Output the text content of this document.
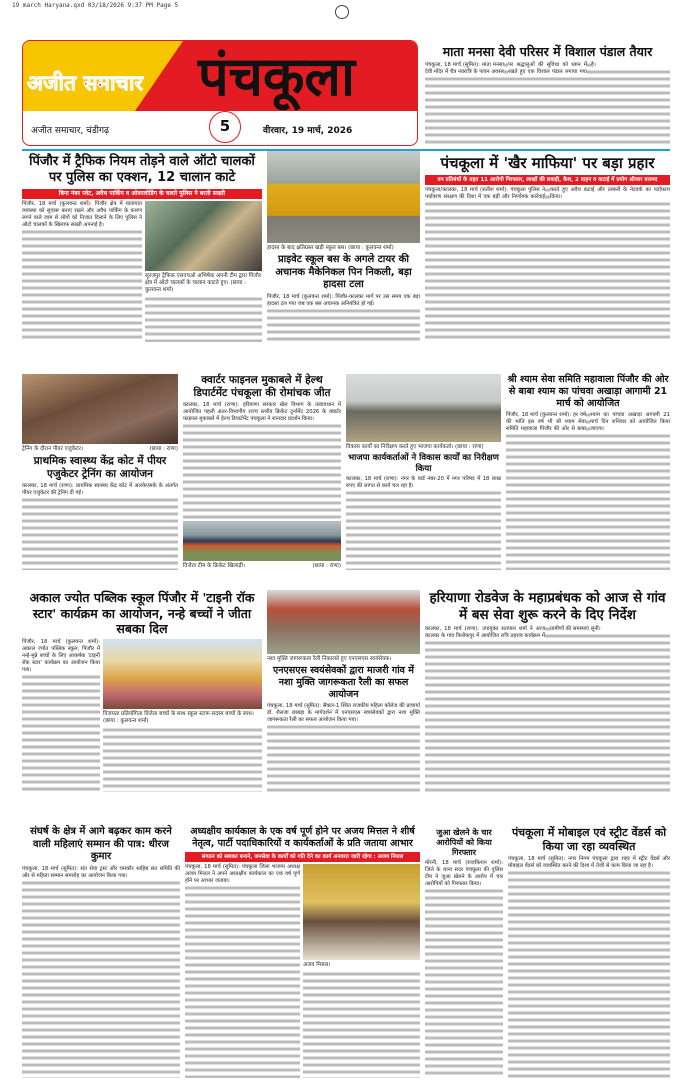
19 march Haryana.qxd 03/18/2026 9:37 PM Page 5
अजीत समाचार पंचकूला
अजीत समाचार, चंडीगढ़	5	वीरवार, 19 मार्च, 2026
माता मनसा देवी परिसर में विशाल पंडाल तैयार
पंचकूला, 18 मार्च (सुमित): माता मनसा देवी मंदिर में चैत्र नवरात्रि के पावन अवसर पर श्रद्धालुओं की सुविधा को ध्यान में रखते हुए एक विशाल पंडाल लगाया गया है।
पिंजौर में ट्रैफिक नियम तोड़ने वाले ऑटो चालकों पर पुलिस का एक्शन, 12 चालान काटे
बिना नंबर प्लेट, अवैध पार्किंग व ओवरलोडिंग के चलते पुलिस ने बरती सख्ती
पिंजौर, 18 मार्च (कुलवन्त शर्मा): पिंजौर क्षेत्र में यातायात व्यवस्था को सुचारू बनाए रखने और अवैध पार्किंग के कारण लगने वाले जाम से लोगों को निजात दिलाने के लिए पुलिस ने ऑटो चालकों के खिलाफ सख्ती अपनाई है।
सूरजपुर ट्रैफिक एसएचओ अभिषेक अपनी टीम द्वारा पिंजौर क्षेत्र में ऑटो चालकों के चालान काटते हुए। (छाया : कुलवन्त शर्मा)
हादसा के बाद क्षतिग्रस्त खड़ी स्कूल बस। (छाया : कुलवन्त शर्मा)
प्राइवेट स्कूल बस के अगले टायर की अचानक मैकेनिकल पिन निकली, बड़ा हादसा टला
पिंजौर, 18 मार्च (कुलवन्त शर्मा): पिंजौर-कालका मार्ग पर उस समय एक बड़ा हादसा टल गया जब एक बस अचानक अनियंत्रित हो गई।
पंचकूला में 'खैर माफिया' पर बड़ा प्रहार
वन प्रतिबंधों के तहत 11 आरोपी गिरफ्तार, लाखों की लकड़ी, कैश, 2 वाहन व कटाई में प्रयोग औजार बरामद
पंचकूला/कालका, 18 मार्च (सतीश शर्मा): पंचकूला पुलिस ने पर्यावरण संरक्षण की दिशा में एक बड़ी और निर्णायक कार्रवाई करते हुए अवैध कटाई और तस्करी के नेटवर्क का पर्दाफाश किया।
ट्रेनिंग के दौरान पीयर एजुकेटर।	(छाया : राणा)
प्राथमिक स्वास्थ्य केंद्र कोट में पीयर एजुकेटर ट्रेनिंग का आयोजन
कालका, 18 मार्च (राणा): प्राथमिक स्वास्थ्य केंद्र कोट में आरकेएसके के अंतर्गत पीयर एजुकेटर की ट्रेनिंग दी गई।
क्वार्टर फाइनल मुकाबले में हेल्थ डिपार्टमेंट पंचकूला की रोमांचक जीत
कालका, 18 मार्च (राणा): हरियाणा सरकार खेल विभाग के तत्वावधान में आयोजित पहली अंतर-विभागीय राज्य स्तरीय क्रिकेट टूर्नामेंट 2026 के क्वार्टर फाइनल मुकाबले में हेल्थ डिपार्टमेंट पंचकूला ने शानदार प्रदर्शन किया।
विजेता टीम के क्रिकेट खिलाड़ी।	(छाया : राणा)
विकास कार्यों का निरीक्षण करते हुए भाजपा कार्यकर्ता। (छाया : राणा)
भाजपा कार्यकर्ताओं ने विकास कार्यों का निरीक्षण किया
कालका, 18 मार्च (राणा): नगर के वार्ड नंबर-20 में नगर परिषद में 18 लाख रुपए की लागत से कार्य चल रहा है।
श्री श्याम सेवा समिति महावाला पिंजौर की ओर से बाबा श्याम का पांचवा अखाड़ा आगामी 21 मार्च को आयोजित
पिंजौर, 18 मार्च (कुलवन्त शर्मा): हर वर्ष की भांति इस वर्ष भी श्री श्याम सेवा समिति महावाला पिंजौर की ओर से बाबा श्याम का पांचवा अखाड़ा आगामी 21 मार्च दिन शनिवार को आयोजित किया जाएगा।
अकाल ज्योत पब्लिक स्कूल पिंजौर में 'टाइनी रॉक स्टार' कार्यक्रम का आयोजन, नन्हे बच्चों ने जीता सबका दिल
पिंजौर, 18 मार्च (कुलवन्त शर्मा): अकाल ज्योत पब्लिक स्कूल, पिंजौर में नन्हे-मुन्ने बच्चों के लिए आकर्षक 'टाइनी रॉक स्टार' कार्यक्रम का आयोजन किया गया।
विजयता प्रतियोगिता विजेता बच्चों के साथ स्कूल स्टाफ सदस्य बच्चों के साथ। (छाया : कुलवन्त शर्मा)
नशा मुक्ति जागरूकता रैली निकालते हुए एनएसएस स्वयंसेवक।
एनएसएस स्वयंसेवकों द्वारा माजरी गांव में नशा मुक्ति जागरूकता रैली का सफल आयोजन
पंचकूला, 18 मार्च (सुमित): सैक्टर-1 स्थित राजकीय महिला कॉलेज की प्राचार्या डॉ. शैलजा छाबड़ा के मार्गदर्शन में एनएसएस स्वयंसेवकों द्वारा नशा मुक्ति जागरूकता रैली का सफल आयोजन किया गया।
हरियाणा रोडवेज के महाप्रबंधक को आज से गांव में बस सेवा शुरू करने के दिए निर्देश
कालका, 18 मार्च (राणा): उपायुक्त सतपाल शर्मा ने आज कालका के गांव त्रिलोकपुर में आयोजित रात्रि ठहराव कार्यक्रम में ग्रामीणों की समस्याएं सुनीं।
संघर्ष के क्षेत्र में आगे बढ़कर काम करने वाली महिलाएं सम्मान की पात्र: धीरज कुमार
पंचकूला, 18 मार्च (सुमित): संत सेवा ट्रस्ट और चमकौर साहिब संत समिति की ओर से महिला सम्मान समारोह का आयोजन किया गया।
अध्यक्षीय कार्यकाल के एक वर्ष पूर्ण होने पर अजय मित्तल ने शीर्ष नेतृत्व, पार्टी पदाधिकारियों व कार्यकर्ताओं के प्रति जताया आभार
संगठन को सशक्त बनाने, जनसेवा के कार्यों को गति देने का कार्य अनवरत जारी रहेगा : अजय मित्तल
पंचकूला, 18 मार्च (सुमित): पंचकूला जिला भाजपा अध्यक्ष अजय मित्तल ने अपने अध्यक्षीय कार्यकाल का एक वर्ष पूर्ण होने पर आभार जताया।
अजय मित्तल।
जुआ खेलने के चार आरोपियों को किया गिरफ्तार
मोरनी, 18 मार्च (राजकिशन शर्मा): जिले के थाना सदर पंचकूला की पुलिस टीम ने जुआ खेलने के आरोप में चार आरोपियों को गिरफ्तार किया।
पंचकूला में मोबाइल एवं स्ट्रीट वेंडर्स को किया जा रहा व्यवस्थित
पंचकूला, 18 मार्च (सुमित): नगर निगम पंचकूला द्वारा शहर में स्ट्रीट वेंडर्स और मोबाइल वेंडर्स को व्यवस्थित करने की दिशा में तेजी से काम किया जा रहा है।
